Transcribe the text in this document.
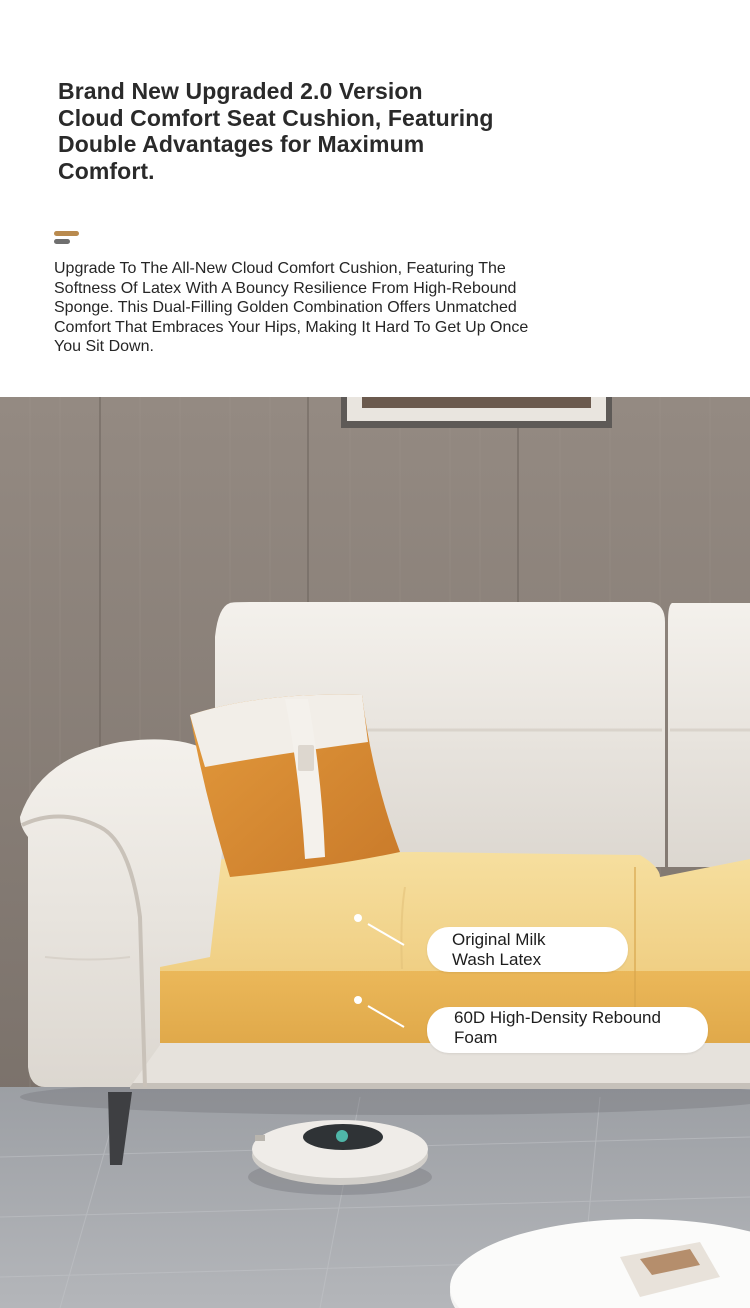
Brand New Upgraded 2.0 Version
Cloud Comfort Seat Cushion, Featuring
Double Advantages for Maximum
Comfort.

Upgrade To The All-New Cloud Comfort Cushion, Featuring The
Softness Of Latex With A Bouncy Resilience From High-Rebound
Sponge. This Dual-Filling Golden Combination Offers Unmatched
Comfort That Embraces Your Hips, Making It Hard To Get Up Once
You Sit Down.

Original Milk
Wash Latex
60D High-Density Rebound
Foam
